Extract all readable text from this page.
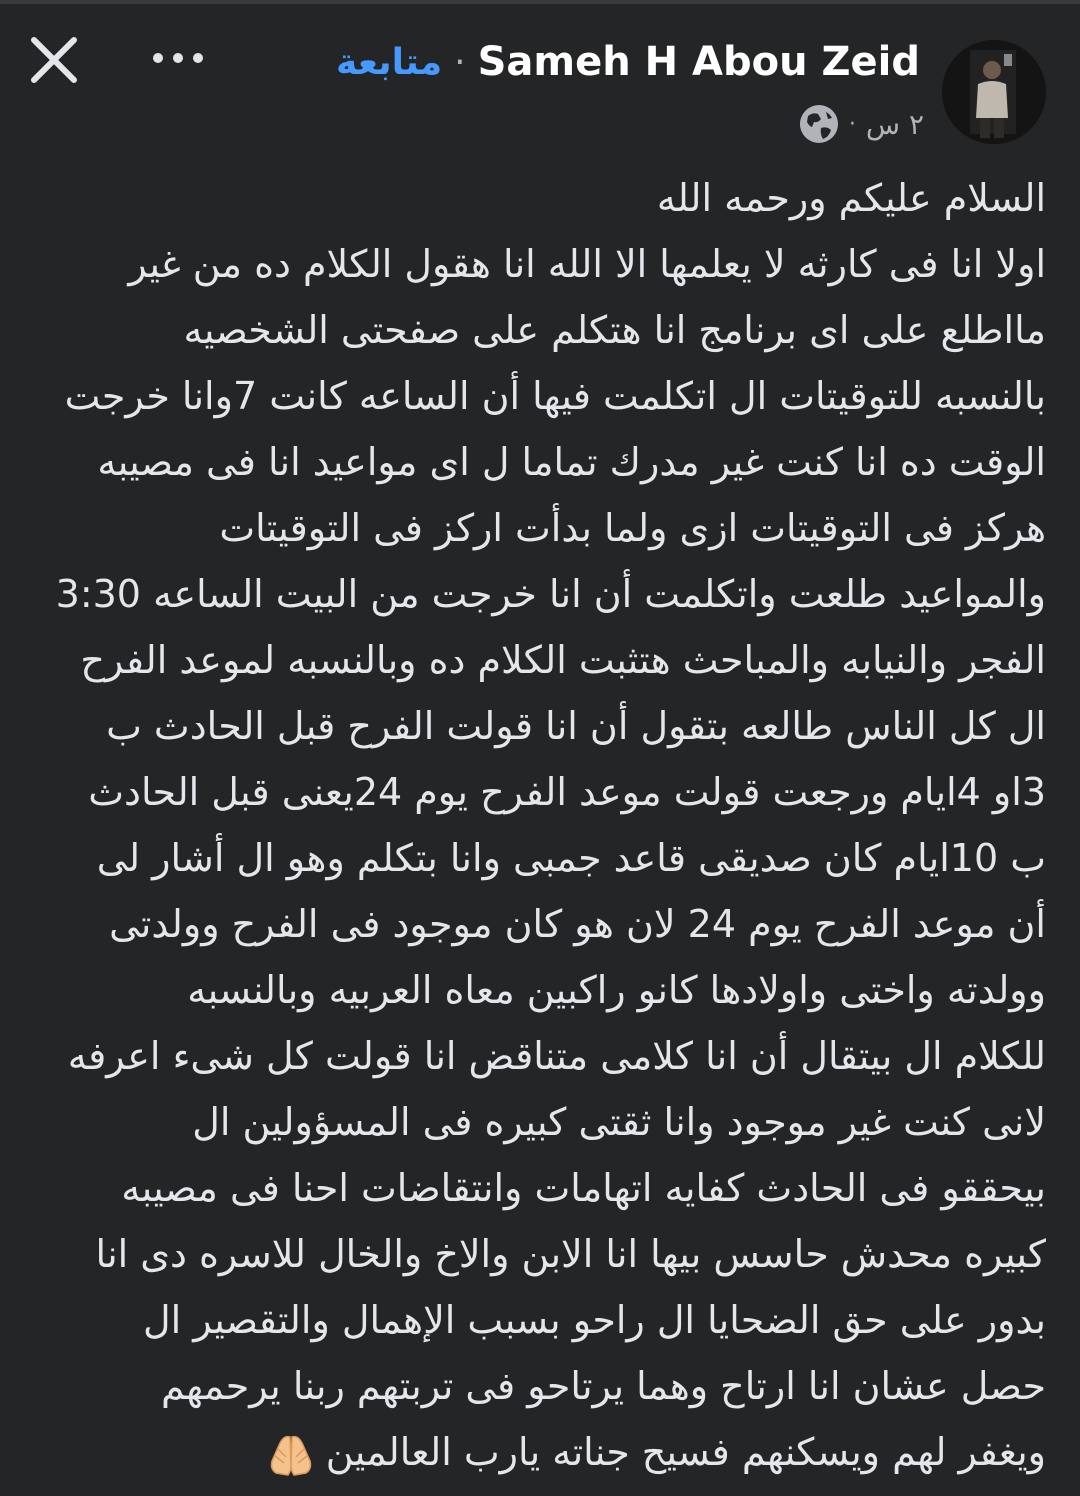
متابعة · Sameh H Abou Zeid
· ٢ س
السلام عليكم ورحمه الله
اولا انا فى كارثه لا يعلمها الا الله انا هقول الكلام ده من غير
مااطلع على اى برنامج انا هتكلم على صفحتى الشخصيه
بالنسبه للتوقيتات ال اتكلمت فيها أن الساعه كانت 7وانا خرجت
الوقت ده انا كنت غير مدرك تماما ل اى مواعيد انا فى مصيبه
هركز فى التوقيتات ازى ولما بدأت اركز فى التوقيتات
والمواعيد طلعت واتكلمت أن انا خرجت من البيت الساعه 3:30
الفجر والنيابه والمباحث هتثبت الكلام ده وبالنسبه لموعد الفرح
ال كل الناس طالعه بتقول أن انا قولت الفرح قبل الحادث ب
3او 4ايام ورجعت قولت موعد الفرح يوم 24يعنى قبل الحادث
ب 10ايام كان صديقى قاعد جمبى وانا بتكلم وهو ال أشار لى
أن موعد الفرح يوم 24 لان هو كان موجود فى الفرح وولدتى
وولدته واختى واولادها كانو راكبين معاه العربيه وبالنسبه
للكلام ال بيتقال أن انا كلامى متناقض انا قولت كل شىء اعرفه
لانى كنت غير موجود وانا ثقتى كبيره فى المسؤولين ال
بيحققو فى الحادث كفايه اتهامات وانتقاضات احنا فى مصيبه
كبيره محدش حاسس بيها انا الابن والاخ والخال للاسره دى انا
بدور على حق الضحايا ال راحو بسبب الإهمال والتقصير ال
حصل عشان انا ارتاح وهما يرتاحو فى تربتهم ربنا يرحمهم
ويغفر لهم ويسكنهم فسيح جناته يارب العالمين
